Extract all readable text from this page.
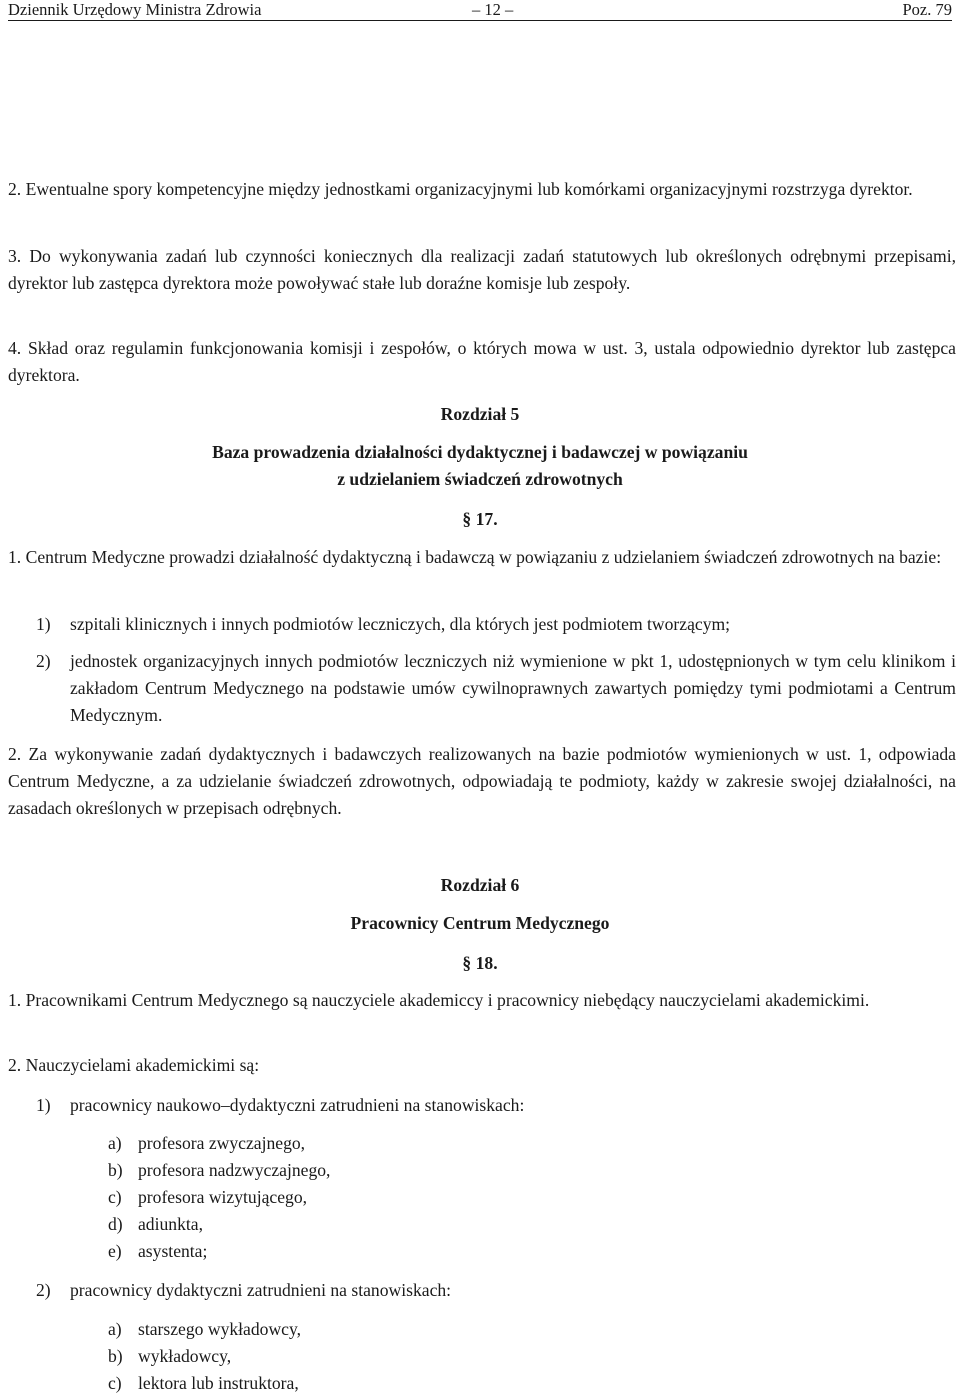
Dziennik Urzędowy Ministra Zdrowia	– 12 –	Poz. 79
2. Ewentualne spory kompetencyjne między jednostkami organizacyjnymi lub komórkami organizacyjnymi rozstrzyga dyrektor.
3. Do wykonywania zadań lub czynności koniecznych dla realizacji zadań statutowych lub określonych odrębnymi przepisami, dyrektor lub zastępca dyrektora może powoływać stałe lub doraźne komisje lub zespoły.
4. Skład oraz regulamin funkcjonowania komisji i zespołów, o których mowa w ust. 3, ustala odpowiednio dyrektor lub zastępca dyrektora.
Rozdział 5
Baza prowadzenia działalności dydaktycznej i badawczej w powiązaniu
z udzielaniem świadczeń zdrowotnych
§ 17.
1. Centrum Medyczne prowadzi działalność dydaktyczną i badawczą w powiązaniu z udzielaniem świadczeń zdrowotnych na bazie:
1) szpitali klinicznych i innych podmiotów leczniczych, dla których jest podmiotem tworzącym;
2) jednostek organizacyjnych innych podmiotów leczniczych niż wymienione w pkt 1, udostępnionych w tym celu klinikom i zakładom Centrum Medycznego na podstawie umów cywilnoprawnych zawartych pomiędzy tymi podmiotami a Centrum Medycznym.
2. Za wykonywanie zadań dydaktycznych i badawczych realizowanych na bazie podmiotów wymienionych w ust. 1, odpowiada Centrum Medyczne, a za udzielanie świadczeń zdrowotnych, odpowiadają te podmioty, każdy w zakresie swojej działalności, na zasadach określonych w przepisach odrębnych.
Rozdział 6
Pracownicy Centrum Medycznego
§ 18.
1. Pracownikami Centrum Medycznego są nauczyciele akademiccy i pracownicy niebędący nauczycielami akademickimi.
2. Nauczycielami akademickimi są:
1) pracownicy naukowo–dydaktyczni zatrudnieni na stanowiskach:
a) profesora zwyczajnego,
b) profesora nadzwyczajnego,
c) profesora wizytującego,
d) adiunkta,
e) asystenta;
2) pracownicy dydaktyczni zatrudnieni na stanowiskach:
a) starszego wykładowcy,
b) wykładowcy,
c) lektora lub instruktora,
